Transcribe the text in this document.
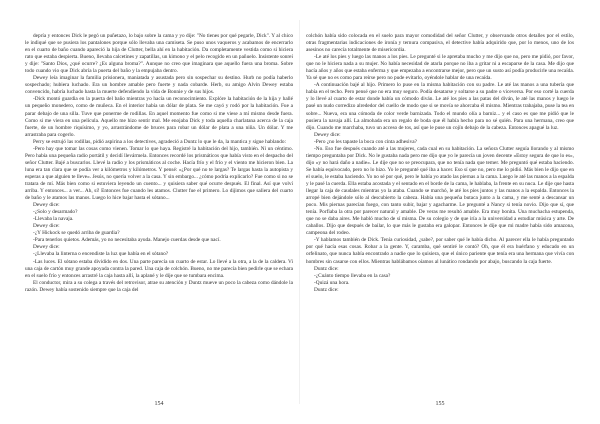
depría y entonces Dick le pegó un puñetazo, lo bajo sobre la cama y yo dije: "No tienes por qué pegarle, Dick". Y al chico le indiqué que se pusiera los pantalones porque sólo llevaba una camiseta. Se puso unos vaqueros y acabamos de encerrarlo en el cuarto de baño cuando apareció la hija de Clutter, bella ahí en la habitación. Da completamente vestida como si hiciera rato que estaba despierta. Bueno, llevaba calcetines y zapatillas, un kimono y el pelo recogido en un pañuelo. Insistente sonreí y dije: "Santo Dios, ¿qué ocurre? ¿Es alguna broma?". Aunque no creo que imaginara que aquello fuera una broma. Sobre todo cuando vio que Dick abría la puerta del baño y la empujaba dentro.

Dewey leía imaginar la familia prisionera, maniatada y asustada pero sin sospechar su destino. Hurb no podía haberlo sospechado; hubiera luchado. Era un hombre amable pero fuerte y nada cobarde. Herb, su amigo Alvin Dewey estaba convencido, habría luchado hasta la muerte defendiendo la vida de Bonnie y de sus hijos.

-Dick montó guardia en la puerta del baño mientras yo hacía un reconocimiento. Explóre la habitación de la hija y hallé un pequeño monedero, como de muñeca. En el interior había un dólar de plata. Se me cayó y rodó por la habitación. Fue a parar debajo de una silla. Tuve que ponerme de rodillas. En aquel momento fue como si me viese a mí mismo desde fuera. Como si me viera en una película. Aquello me hizo sentir mal. Me enojaba Dick y toda aquella charlatana acerca de la caja fuerte, de un hombre riquísimo, y yo, arrastrándome de bruces para robar un dólar de plata a una niña. Un dólar. Y me arrastraba para cogerlo.

Perry se estrujó las rodillas, pidió aspirina a los detectives, agradeció a Duntz lo que le da, la mantica y sigue hablando:

-Pero hay que tomar las cosas como vienen. Tomar lo que haya. Registré la habitación del hijo, también. Ni un céntimo. Pero había una pequeña radio portátil y decidí llevármela. Entonces recordé los prismáticos que había visto en el despacho del señor Clutter. Bajé a buscarlos. Llevé la radio y los prismáticos al coche. Hacía frío y el frío y el viento me hicieron bien. La luna era tan clara que se podía ver a kilómetros y kilómetros. Y pensé: «¿Por qué no te largas? Te largas hasta la autopista y esperas a que alguien te lleve». Jesús, no quería volver a la casa. Y sin embargo... ¿cómo podría explicarlo? Fue como si no se tratara de mí. Más bien como si estuviera leyendo un cuento... y quisiera saber qué ocurre después. El final. Así que volví arriba. Y entonces... a ver... Ah, sí! Entonces fue cuando les atamos. Clutter fue el primero. Lo dijimos que saliera del cuarto de baño y le atamos las manos. Luego lo hice bajar hasta el sótano...

Dewey dice:

-¿Solo y desarmado?

-Llevaba la navaja.

Dewey dice:

-¿Y Hickock se quedó arriba de guardia?

-Para tenerlos quietos. Además, yo no necesitaba ayuda. Manejo cuerdas desde que nací.

Dewey dice:

-¿Llevaba la linterna o encendiste la luz que había en el sótano?

-Las luces. El sótano estaba dividido en dos. Una parte parecía un cuarto de estar. Lo llevé a la otra, a la de la caldera. Vi una caja de cartón muy grande apoyada contra la pared. Una caja de colchón. Bueno, no me parecía bien pedirle que se echara en el suelo frío y entonces arrastré la caja hasta allí, la aplané y le dije que se tumbara encima.

El conductor, mira a su colega a través del retrovisor, atrae su atención y Duntz mueve un poco la cabeza como dándole la razón. Dewey había sostenido siempre que la caja del

154

colchón había sido colocada en el suelo para mayor comodidad del señor Clutter, y observando otros detalles por el estilo, otras fragmentarias indicaciones de ironía y ternura compasiva, el detective había adquirido que, por lo menos, uno de los asesinos no carecía totalmente de misericordia.

-Le até los pies y luego las manos a los pies. Le pregunté si le apretaba mucho y me dijo que no, pero me pidió, por favor, que no le hiciera nada a su mujer. No había necesidad de atarla porque no iba a gritar ni a escaparse de la casa. Me dijo que hacía años y años que estaba enferma y que empezaba a encontrarse mejor, pero que un susto así podía producirle una recaída. Ya sé que no es como para reírse pero no pude evitarlo, oyéndole hablar de una recaída.

-A continuación bajé al hijo. Primero lo puse en la misma habitación con su padre. Le até las manos a una tubería que había en el techo. Pero pensé que no era muy seguro. Podía desatarse y soltarse a su padre o viceversa. Por eso corté la cuerda y lo llevé al cuarto de estar donde había un cómodo diván. Le até los pies a las patas del diván, le até las manos y luego le pasé un nudo corredizo alrededor del cuello de modo que si se movía se ahorcaba él mismo. Mientras trabajaba, puse la tea en sobre... Nueva, era una cómoda de color verde barnizada. Todo el mundo olía a barniz... y el caso es que me pidió que le pusiera la navaja allí. La almohada era un regalo de boda que él había hecho para no sé quién. Para una hermana, creo que dijo. Cuando me marchaba, tuvo un acceso de tos, así que le puse un cojín debajo de la cabeza. Entonces apagué la luz.

Dewey dice:

-Pero ¿no les tapaste la boca con cinta adhesiva?

-No. Eso fue después cuando até a las mujeres, cada cual en su habitación. La señora Clutter seguía llorando y al mismo tiempo preguntaba por Dick. No le gustaba nada pero me dijo que yo le parecía un joven decente «Estoy segura de que lo es», dijo «y no hará daño a nadie». Le dije que no se preocupara, que no tenía nada que temer. Me preguntó qué estaba haciendo. Se había equivocado, pero no lo hizo. Yo le pregunté qué iba a hacer. Eso sí que no, pero me lo pidió. Más bien le dijo que en el suelo, le estaba haciendo. Yo no sé por qué, pero le había yo atado las piernas a la cama. Luego le até las manos a la espalda y le pasé la cuerda. Ella estaba acostada y el sentado en el borde de la cama, le hablaba, la frente en su nuca. Le dije que hasta llegar la caja de caudales mientras yo la ataba. Cuando se marchó, le até los pies juntos y las manos a la espalda. Entonces la arropé bien dejándole sólo al descubierto la cabeza. Había una pequeña butaca junto a la cama, y me senté a descansar un poco. Mis piernas parecían fuego, con tanto subir, bajar y agacharme. Le pregunté a Nancy si tenía novio. Dijo que sí, que tenía. Porfiaba la otra por parecer natural y amable. De veras me resultó amable. Era muy bonita. Una muchacha estupenda, que no se daba aires. Me habló mucho de sí misma. De su colegio y de que iría a la universidad a estudiar música y arte. De caballos. Dijo que después de bailar, lo que más le gustaba era galopar. Entonces le dije que mi madre había sido amazona, campeona del rodeo.

-Y hablamos también de Dick. Tenía curiosidad, ¿sabe?, por saber qué le había dicho. Al parecer ella le había preguntado por qué hacía esas cosas. Robar a la gente. Y, caramba, qué sentiré le contó? Oh, que él era huérfano y educado en un orfelinato, que nunca había encontrado a nadie que lo quisiera, que el único pariente que tenía era una hermana que vivía con hombres sin casarse con ellos. Mientras hablábamos oíamos al lunático rondando por abajo, buscando la caja fuerte.

Duntz dice:

-¿Cuánto tiempo llevaba en la casa?

-Quizá una hora.

Duntz dice:

155
